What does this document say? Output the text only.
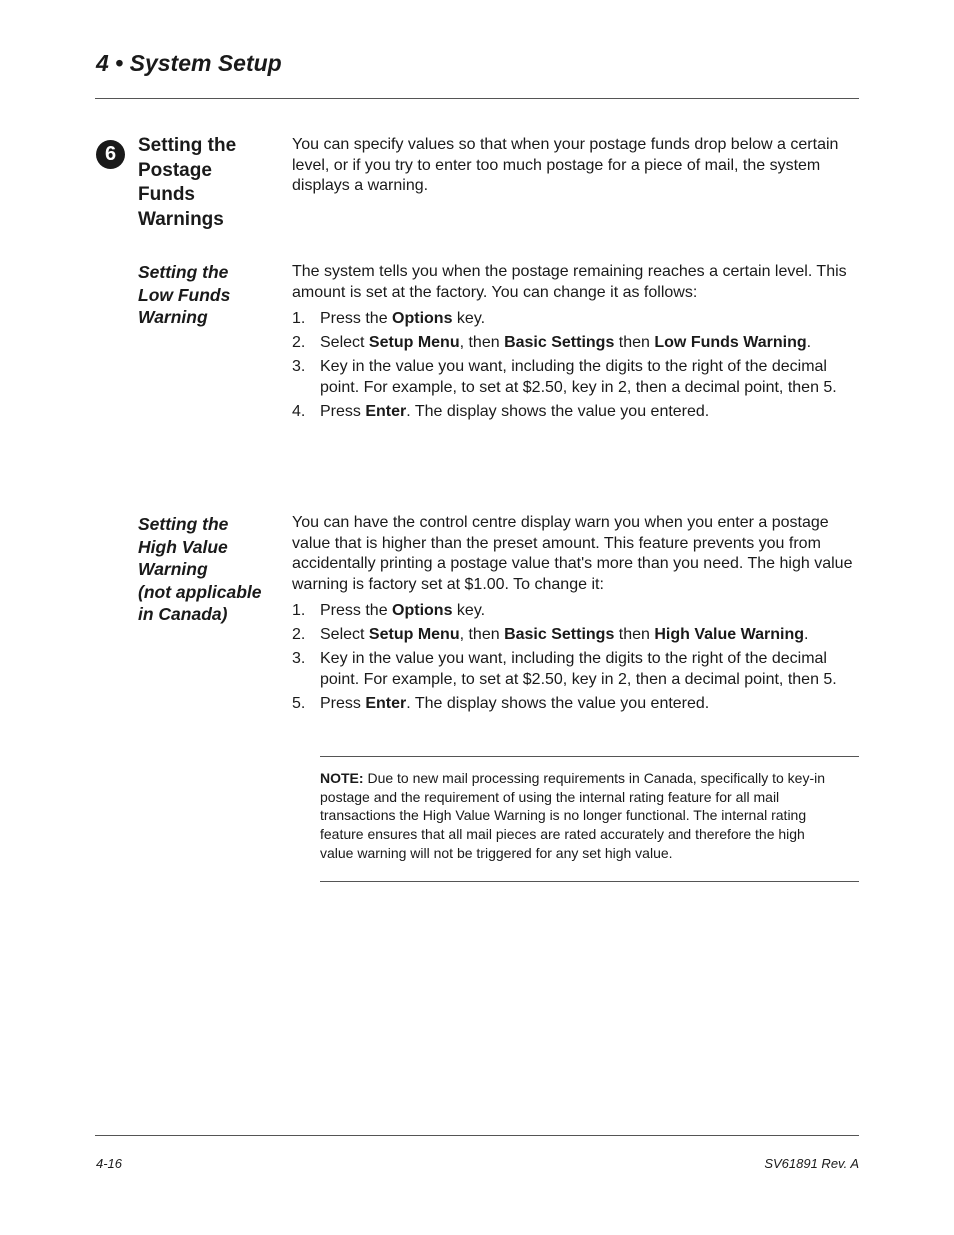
4 • System Setup
6	Setting the
Postage
Funds
Warnings

You can specify values so that when your postage funds drop below a certain level, or if you try to enter too much postage for a piece of mail, the system displays a warning.

Setting the
Low Funds
Warning

The system tells you when the postage remaining reaches a certain level. This amount is set at the factory. You can change it as follows:

1. Press the Options key.
2. Select Setup Menu, then Basic Settings then Low Funds Warning.
3. Key in the value you want, including the digits to the right of the decimal point. For example, to set at $2.50, key in 2, then a decimal point, then 5.
4. Press Enter. The display shows the value you entered.
Setting the
High Value
Warning
(not applicable
in Canada)

You can have the control centre display warn you when you enter a postage value that is higher than the preset amount. This feature prevents you from accidentally printing a postage value that's more than you need. The high value warning is factory set at $1.00. To change it:

1. Press the Options key.
2. Select Setup Menu, then Basic Settings then High Value Warning.
3. Key in the value you want, including the digits to the right of the decimal point. For example, to set at $2.50, key in 2, then a decimal point, then 5.
5. Press Enter. The display shows the value you entered.

NOTE: Due to new mail processing requirements in Canada, specifically to key-in postage and the requirement of using the internal rating feature for all mail transactions the High Value Warning is no longer functional. The internal rating feature ensures that all mail pieces are rated accurately and therefore the high value warning will not be triggered for any set high value.

4-16	SV61891 Rev. A
